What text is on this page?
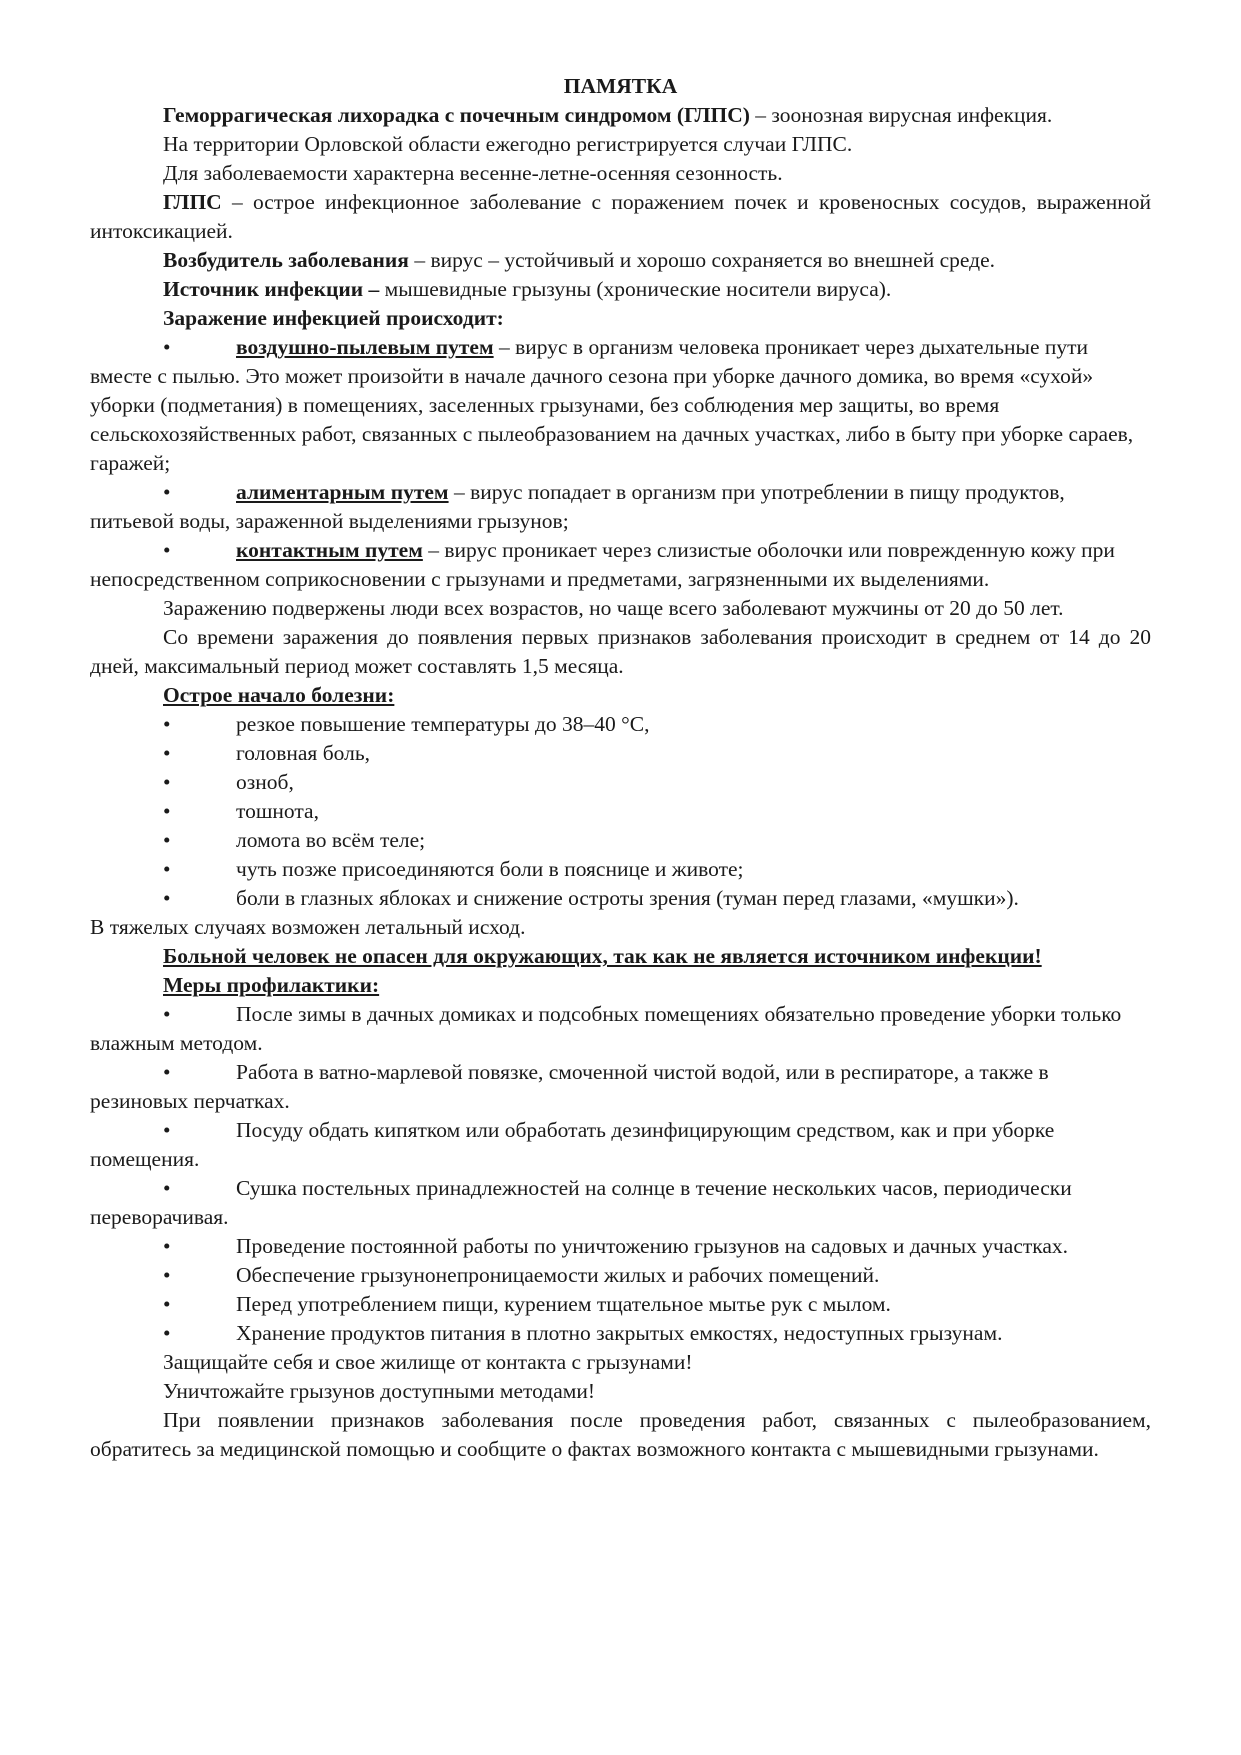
ПАМЯТКА

Геморрагическая лихорадка с почечным синдромом (ГЛПС) – зоонозная вирусная инфекция.

На территории Орловской области ежегодно регистрируется случаи ГЛПС.

Для заболеваемости характерна весенне-летне-осенняя сезонность.

ГЛПС – острое инфекционное заболевание с поражением почек и кровеносных сосудов, выраженной интоксикацией.

Возбудитель заболевания – вирус – устойчивый и хорошо сохраняется во внешней среде.

Источник инфекции – мышевидные грызуны (хронические носители вируса).

Заражение инфекцией происходит:

•	воздушно-пылевым путем – вирус в организм человека проникает через дыхательные пути вместе с пылью. Это может произойти в начале дачного сезона при уборке дачного домика, во время «сухой» уборки (подметания) в помещениях, заселенных грызунами, без соблюдения мер защиты, во время сельскохозяйственных работ, связанных с пылеобразованием на дачных участках, либо в быту при уборке сараев, гаражей;

•	алиментарным путем – вирус попадает в организм при употреблении в пищу продуктов, питьевой воды, зараженной выделениями грызунов;

•	контактным путем – вирус проникает через слизистые оболочки или поврежденную кожу при непосредственном соприкосновении с грызунами и предметами, загрязненными их выделениями.

Заражению подвержены люди всех возрастов, но чаще всего заболевают мужчины от 20 до 50 лет.

Со времени заражения до появления первых признаков заболевания происходит в среднем от 14 до 20 дней, максимальный период может составлять 1,5 месяца.

Острое начало болезни:

•	резкое повышение температуры до 38–40 °С,

•	головная боль,

•	озноб,

•	тошнота,

•	ломота во всём теле;

•	чуть позже присоединяются боли в пояснице и животе;

•	боли в глазных яблоках и снижение остроты зрения (туман перед глазами, «мушки»).

В тяжелых случаях возможен летальный исход.

Больной человек не опасен для окружающих, так как не является источником инфекции!

Меры профилактики:

•	После зимы в дачных домиках и подсобных помещениях обязательно проведение уборки только влажным методом.

•	Работа в ватно-марлевой повязке, смоченной чистой водой, или в респираторе, а также в резиновых перчатках.

•	Посуду обдать кипятком или обработать дезинфицирующим средством, как и при уборке помещения.

•	Сушка постельных принадлежностей на солнце в течение нескольких часов, периодически переворачивая.

•	Проведение постоянной работы по уничтожению грызунов на садовых и дачных участках.

•	Обеспечение грызунонепроницаемости жилых и рабочих помещений.

•	Перед употреблением пищи, курением тщательное мытье рук с мылом.

•	Хранение продуктов питания в плотно закрытых емкостях, недоступных грызунам.

Защищайте себя и свое жилище от контакта с грызунами!

Уничтожайте грызунов доступными методами!

При появлении признаков заболевания после проведения работ, связанных с пылеобразованием, обратитесь за медицинской помощью и сообщите о фактах возможного контакта с мышевидными грызунами.
